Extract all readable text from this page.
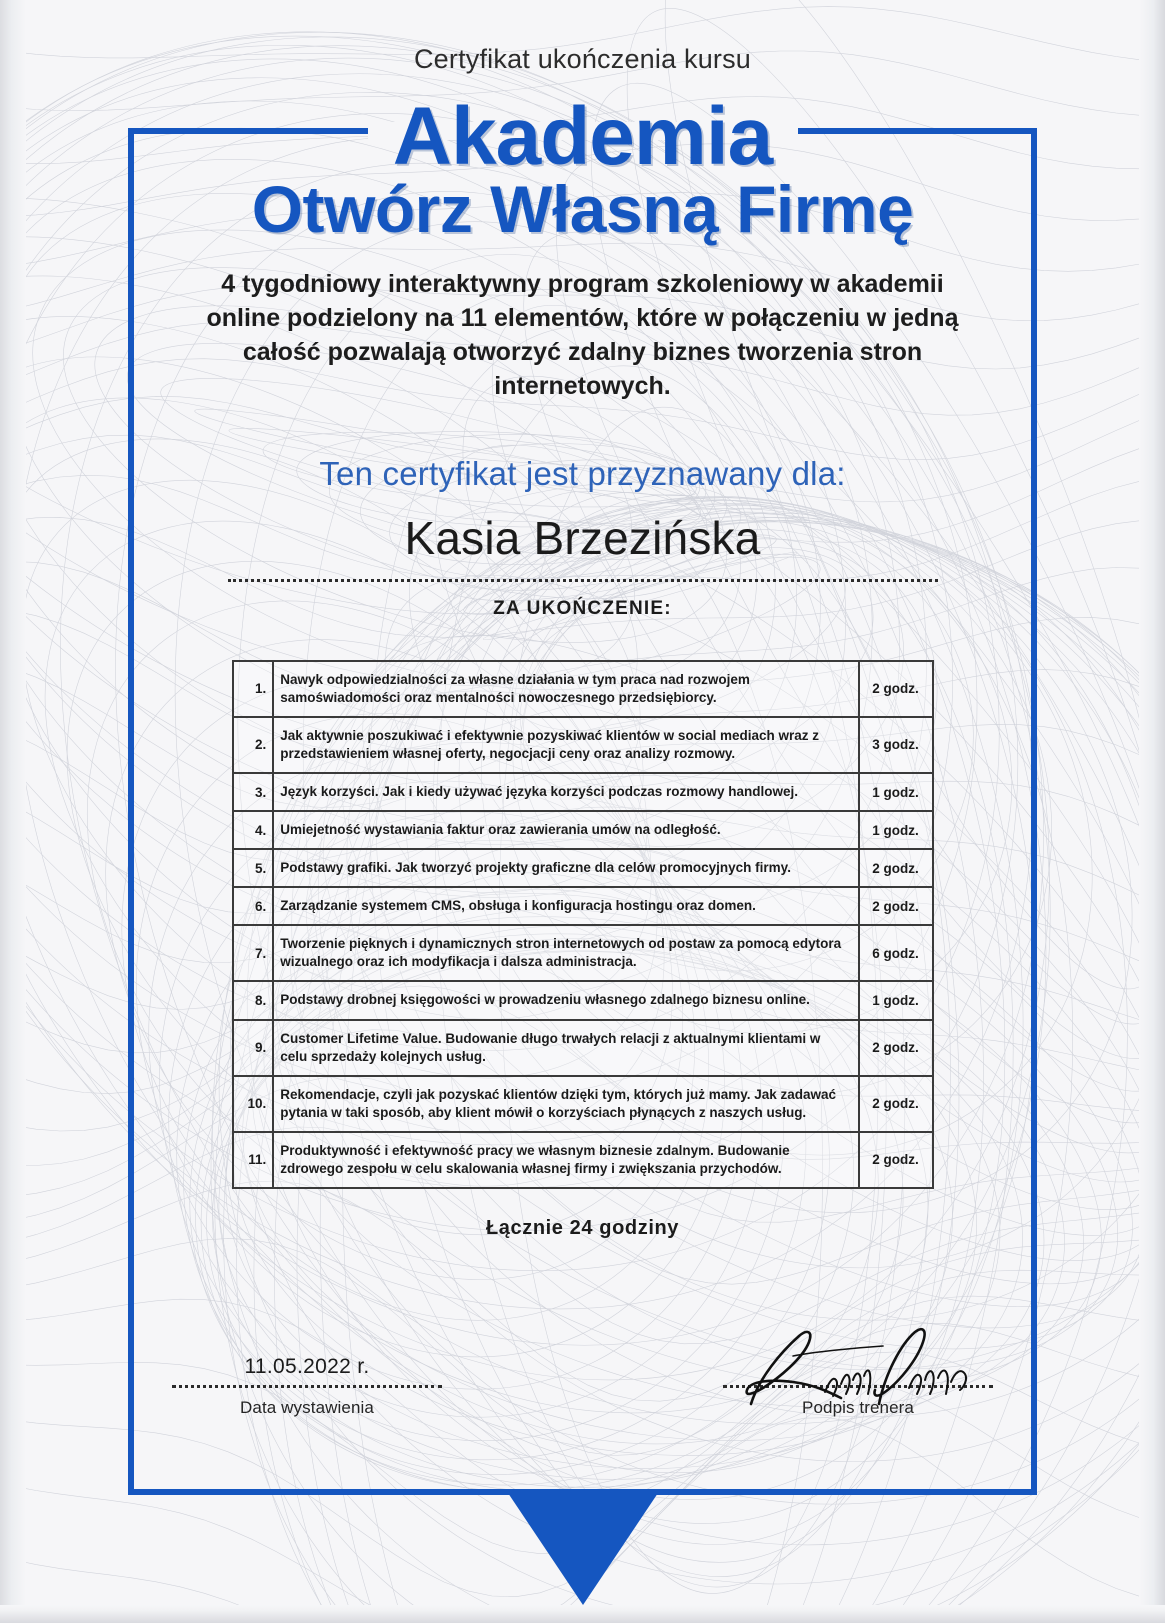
Certyfikat ukończenia kursu
Akademia
Otwórz Własną Firmę
4 tygodniowy interaktywny program szkoleniowy w akademii online podzielony na 11 elementów, które w połączeniu w jedną całość pozwalają otworzyć zdalny biznes tworzenia stron internetowych.
Ten certyfikat jest przyznawany dla:
Kasia Brzezińska
ZA UKOŃCZENIE:
1.	Nawyk odpowiedzialności za własne działania w tym praca nad rozwojem samoświadomości oraz mentalności nowoczesnego przedsiębiorcy.	2 godz.
2.	Jak aktywnie poszukiwać i efektywnie pozyskiwać klientów w social mediach wraz z przedstawieniem własnej oferty, negocjacji ceny oraz analizy rozmowy.	3 godz.
3.	Język korzyści. Jak i kiedy używać języka korzyści podczas rozmowy handlowej.	1 godz.
4.	Umiejetność wystawiania faktur oraz zawierania umów na odległość.	1 godz.
5.	Podstawy grafiki. Jak tworzyć projekty graficzne dla celów promocyjnych firmy.	2 godz.
6.	Zarządzanie systemem CMS, obsługa i konfiguracja hostingu oraz domen.	2 godz.
7.	Tworzenie pięknych i dynamicznych stron internetowych od postaw za pomocą edytora wizualnego oraz ich modyfikacja i dalsza administracja.	6 godz.
8.	Podstawy drobnej księgowości w prowadzeniu własnego zdalnego biznesu online.	1 godz.
9.	Customer Lifetime Value. Budowanie długo trwałych relacji z aktualnymi klientami w celu sprzedaży kolejnych usług.	2 godz.
10.	Rekomendacje, czyli jak pozyskać klientów dzięki tym, których już mamy. Jak zadawać pytania w taki sposób, aby klient mówił o korzyściach płynących z naszych usług.	2 godz.
11.	Produktywność i efektywność pracy we własnym biznesie zdalnym. Budowanie zdrowego zespołu w celu skalowania własnej firmy i zwiększania przychodów.	2 godz.
Łącznie 24 godziny
11.05.2022 r.
Data wystawienia	Podpis trenera
